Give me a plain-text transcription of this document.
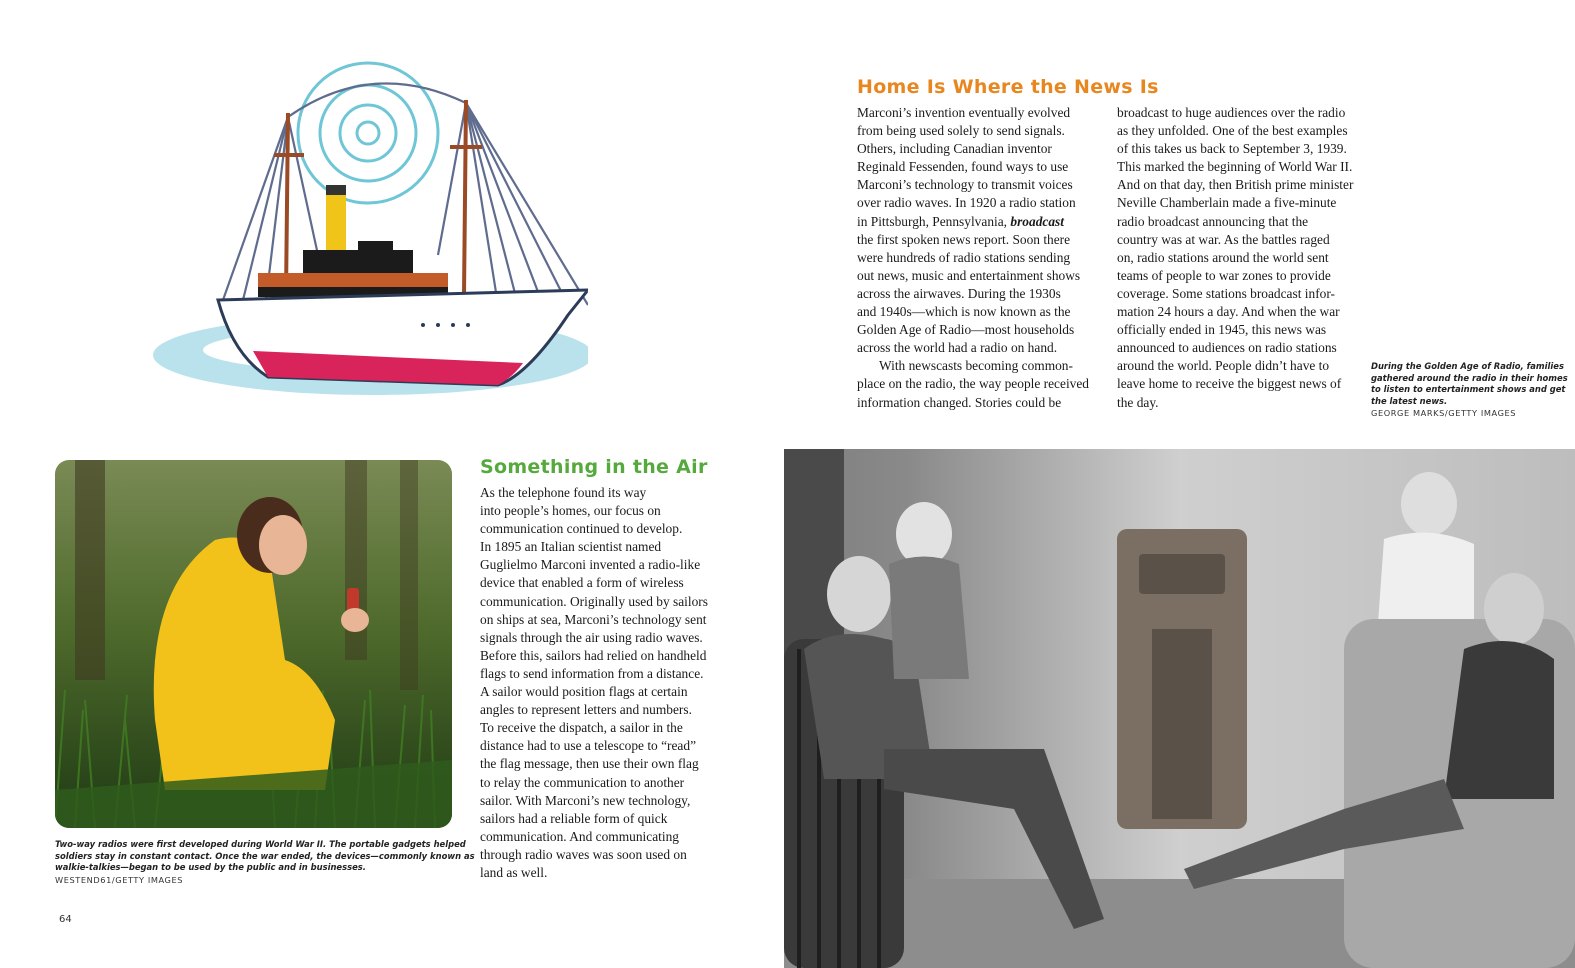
Home Is Where the News Is
Marconi’s invention eventually evolved
from being used solely to send signals.
Others, including Canadian inventor
Reginald Fessenden, found ways to use
Marconi’s technology to transmit voices
over radio waves. In 1920 a radio station
in Pittsburgh, Pennsylvania, broadcast
the first spoken news report. Soon there
were hundreds of radio stations sending
out news, music and entertainment shows
across the airwaves. During the 1930s
and 1940s—which is now known as the
Golden Age of Radio—most households
across the world had a radio on hand.
With newscasts becoming common-
place on the radio, the way people received
information changed. Stories could be
broadcast to huge audiences over the radio
as they unfolded. One of the best examples
of this takes us back to September 3, 1939.
This marked the beginning of World War II.
And on that day, then British prime minister
Neville Chamberlain made a five-minute
radio broadcast announcing that the
country was at war. As the battles raged
on, radio stations around the world sent
teams of people to war zones to provide
coverage. Some stations broadcast infor-
mation 24 hours a day. And when the war
officially ended in 1945, this news was
announced to audiences on radio stations
around the world. People didn’t have to
leave home to receive the biggest news of
the day.
During the Golden Age of Radio, families gathered around the radio in their homes to listen to entertainment shows and get the latest news.
GEORGE MARKS/GETTY IMAGES
Two-way radios were first developed during World War II. The portable gadgets helped soldiers stay in constant contact. Once the war ended, the devices—commonly known as walkie-talkies—began to be used by the public and in businesses.
WESTEND61/GETTY IMAGES
Something in the Air
As the telephone found its way
into people’s homes, our focus on
communication continued to develop.
In 1895 an Italian scientist named
Guglielmo Marconi invented a radio-like
device that enabled a form of wireless
communication. Originally used by sailors
on ships at sea, Marconi’s technology sent
signals through the air using radio waves.
Before this, sailors had relied on handheld
flags to send information from a distance.
A sailor would position flags at certain
angles to represent letters and numbers.
To receive the dispatch, a sailor in the
distance had to use a telescope to “read”
the flag message, then use their own flag
to relay the communication to another
sailor. With Marconi’s new technology,
sailors had a reliable form of quick
communication. And communicating
through radio waves was soon used on
land as well.
64
